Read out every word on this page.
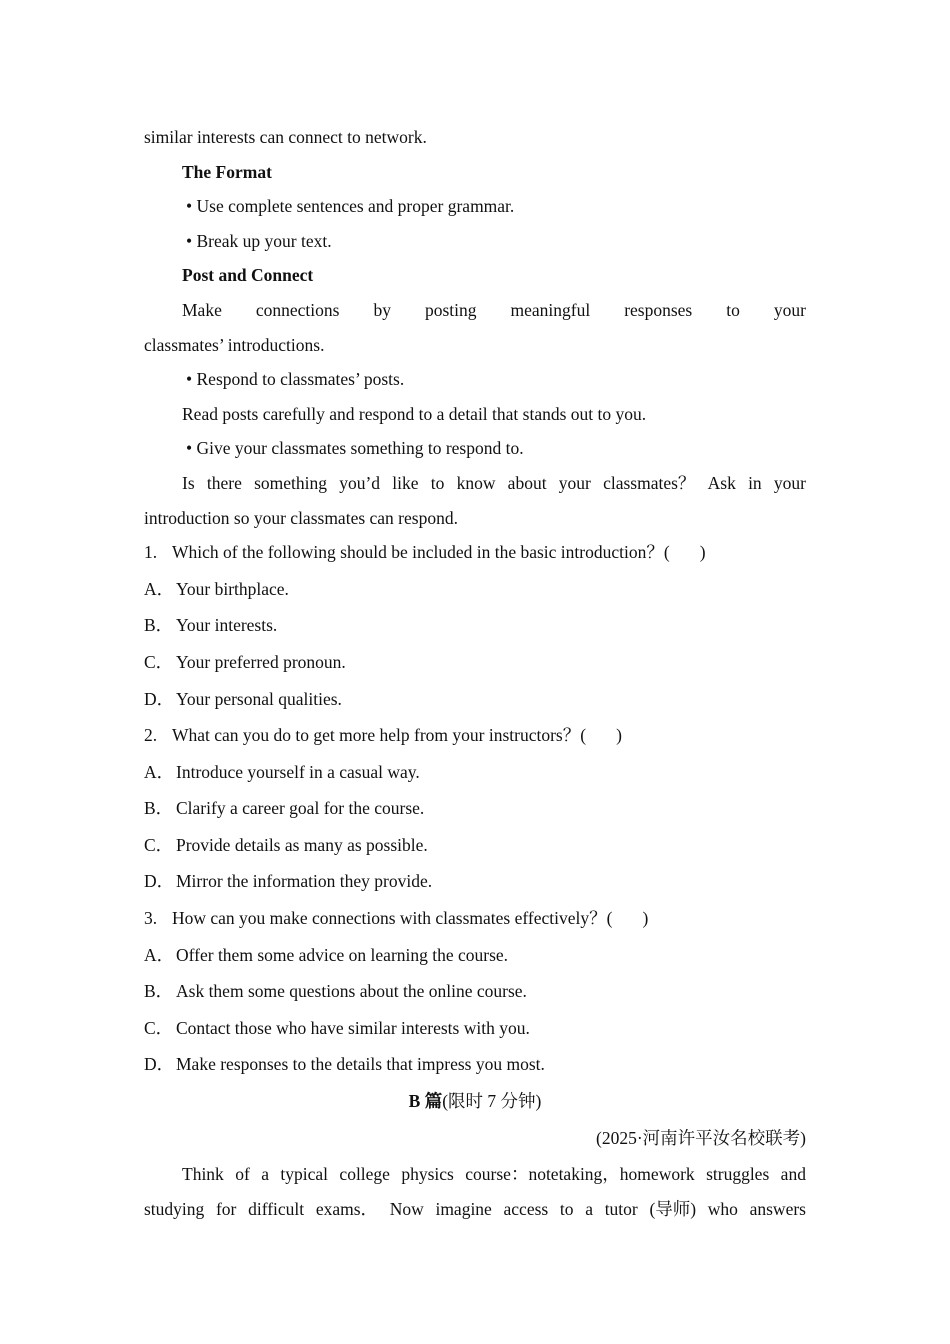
similar interests can connect to network.
The Format
• Use complete sentences and proper grammar.
• Break up your text.
Post and Connect
Make connections by posting meaningful responses to your
classmates’ introductions.
• Respond to classmates’ posts.
Read posts carefully and respond to a detail that stands out to you.
• Give your classmates something to respond to.
Is there something you’d like to know about your classmates？ Ask in your
introduction so your classmates can respond.
1. Which of the following should be included in the basic introduction？( )
A． Your birthplace.
B． Your interests.
C． Your preferred pronoun.
D． Your personal qualities.
2. What can you do to get more help from your instructors？( )
A． Introduce yourself in a casual way.
B． Clarify a career goal for the course.
C． Provide details as many as possible.
D． Mirror the information they provide.
3. How can you make connections with classmates effectively？( )
A． Offer them some advice on learning the course.
B． Ask them some questions about the online course.
C． Contact those who have similar interests with you.
D． Make responses to the details that impress you most.
B 篇(限时 7 分钟)
(2025·河南许平汝名校联考)
Think of a typical college physics course：notetaking，homework struggles and
studying for difficult exams． Now imagine access to a tutor (导师) who answers
